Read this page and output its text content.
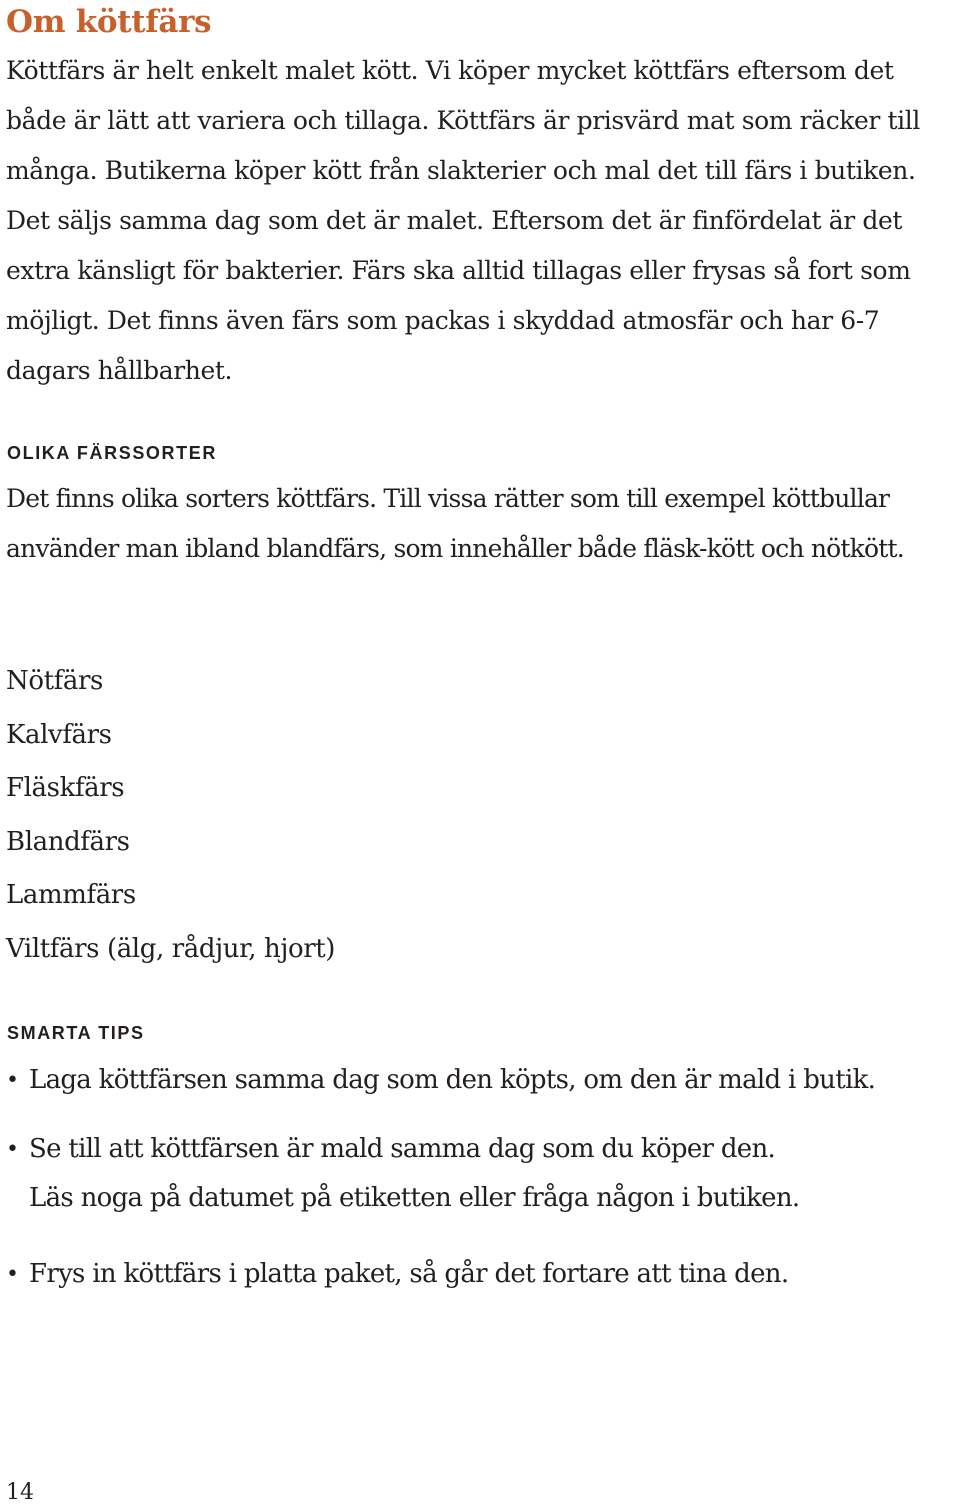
Om köttfärs

Köttfärs är helt enkelt malet kött. Vi köper mycket köttfärs eftersom det både är lätt att variera och tillaga. Köttfärs är prisvärd mat som räcker till många. Butikerna köper kött från slakterier och mal det till färs i butiken. Det säljs samma dag som det är malet. Eftersom det är finfördelat är det extra känsligt för bakterier. Färs ska alltid tillagas eller frysas så fort som möjligt. Det finns även färs som packas i skyddad atmosfär och har 6-7 dagars hållbarhet.

OLIKA FÄRSSORTER

Det finns olika sorters köttfärs. Till vissa rätter som till exempel köttbullar använder man ibland blandfärs, som innehåller både fläsk-kött och nötkött.

Nötfärs
Kalvfärs
Fläskfärs
Blandfärs
Lammfärs
Viltfärs (älg, rådjur, hjort)
SMARTA TIPS
• Laga köttfärsen samma dag som den köpts, om den är mald i butik.
• Se till att köttfärsen är mald samma dag som du köper den.
Läs noga på datumet på etiketten eller fråga någon i butiken.
• Frys in köttfärs i platta paket, så går det fortare att tina den.
14
